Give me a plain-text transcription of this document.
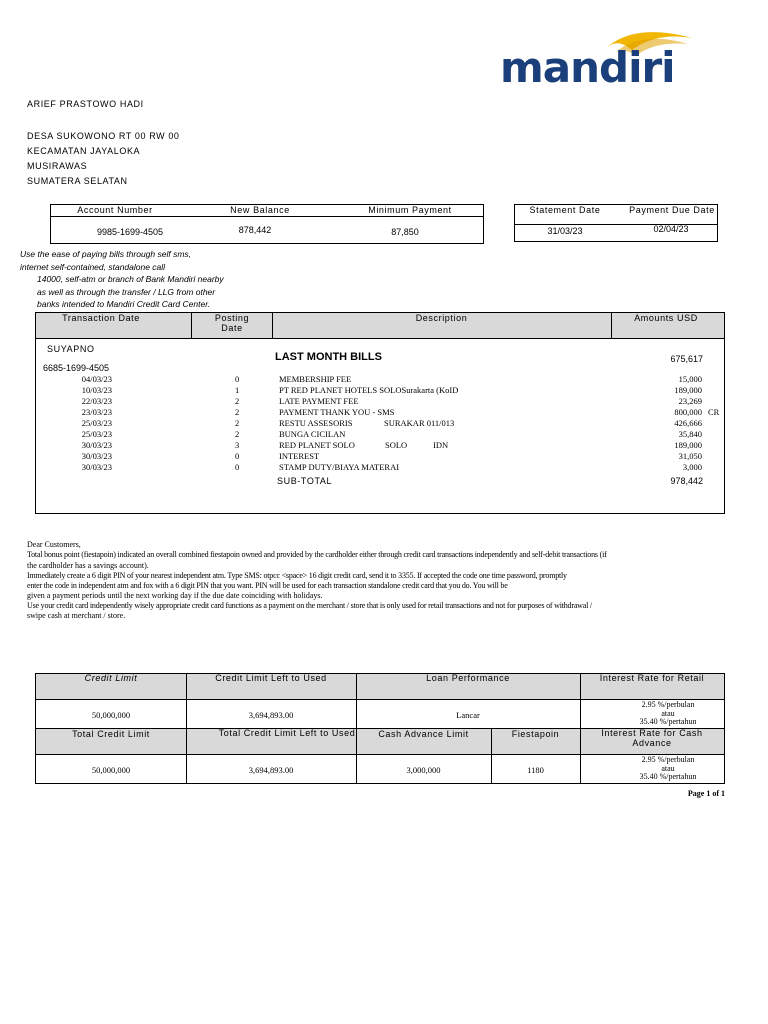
mandiri
ARIEF PRASTOWO HADI
DESA SUKOWONO RT 00 RW 00
KECAMATAN JAYALOKA
MUSIRAWAS
SUMATERA SELATAN
Account Number	New Balance	Minimum Payment
9985-1699-4505	878,442	87,850
Statement Date	Payment Due Date
31/03/23	02/04/23
Use the ease of paying bills through self sms,
internet self-contained, standalone call
14000, self-atm or branch of Bank Mandiri nearby
as well as through the transfer / LLG from other
banks intended to Mandiri Credit Card Center.
Transaction Date	Posting Date
Description	Amounts USD
SUYAPNO
LAST MONTH BILLS	675,617
6685-1699-4505
04/03/23	0	MEMBERSHIP FEE	15,000
10/03/23	1	PT RED PLANET HOTELS SOLOSurakarta (KoID	189,000
22/03/23	2	LATE PAYMENT FEE	23,269
23/03/23	2	PAYMENT THANK YOU - SMS	800,000 CR
25/03/23	2	RESTU ASSESORIS	SURAKAR 011/013	426,666
25/03/23	2	BUNGA CICILAN	35,840
30/03/23	3	RED PLANET SOLO	SOLO	IDN	189,000
30/03/23	0	INTEREST	31,050
30/03/23	0	STAMP DUTY/BIAYA MATERAI	3,000
SUB-TOTAL	978,442
Dear Customers,
Total bonus point (fiestapoin) indicated an overall combined fiestapoin owned and provided by the cardholder either through credit card transactions independently and self-debit transactions (if
the cardholder has a savings account).
Immediately create a 6 digit PIN of your nearest independent atm. Type SMS: otpcc <space> 16 digit credit card, send it to 3355. If accepted the code one time password, promptly
enter the code in independent atm and fox with a 6 digit PIN that you want. PIN will be used for each transaction standalone credit card that you do. You will be
given a payment periods until the next working day if the due date coinciding with holidays.
Use your credit card independently wisely appropriate credit card functions as a payment on the merchant / store that is only used for retail transactions and not for purposes of withdrawal /
swipe cash at merchant / store.
Credit Limit	Credit Limit Left to Used	Loan Performance	Interest Rate for Retail
50,000,000	3,694,893.00	Lancar
2.95 %/perbulan
atau
35.40 %/pertahun
Total Credit Limit	Total Credit Limit Left to Used	Cash Advance Limit	Fiestapoin	Interest Rate for Cash Advance
50,000,000	3,694,893.00	3,000,000	1180
2.95 %/perbulan
atau
35.40 %/pertahun
Page 1 of 1
